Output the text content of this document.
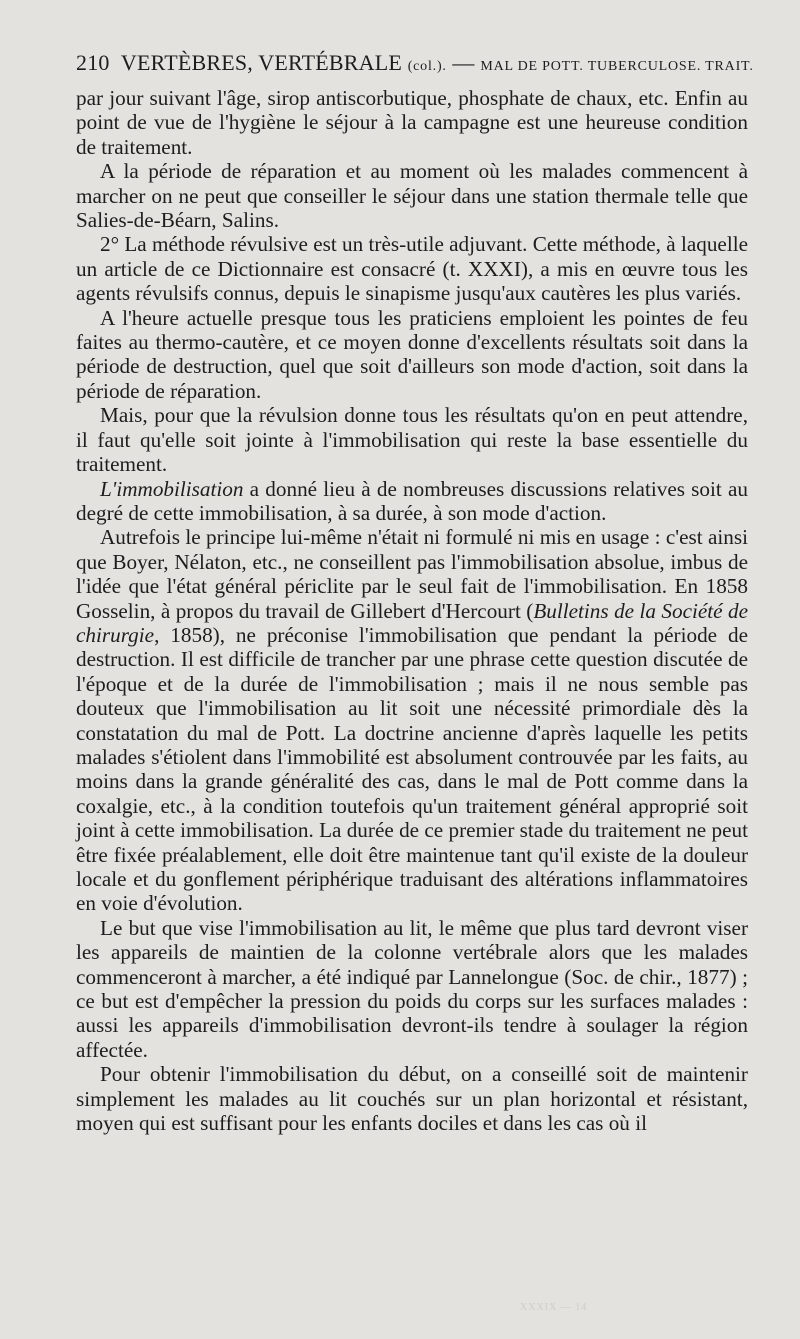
210 VERTÈBRES, VERTÉBRALE (col.). — MAL DE POTT. TUBERCULOSE. TRAIT.

par jour suivant l'âge, sirop antiscorbutique, phosphate de chaux, etc. Enfin au point de vue de l'hygiène le séjour à la campagne est une heureuse condition de traitement.

A la période de réparation et au moment où les malades commencent à marcher on ne peut que conseiller le séjour dans une station thermale telle que Salies-de-Béarn, Salins.

2° La méthode révulsive est un très-utile adjuvant. Cette méthode, à laquelle un article de ce Dictionnaire est consacré (t. XXXI), a mis en œuvre tous les agents révulsifs connus, depuis le sinapisme jusqu'aux cautères les plus variés.

A l'heure actuelle presque tous les praticiens emploient les pointes de feu faites au thermo-cautère, et ce moyen donne d'excellents résultats soit dans la période de destruction, quel que soit d'ailleurs son mode d'action, soit dans la période de réparation.

Mais, pour que la révulsion donne tous les résultats qu'on en peut attendre, il faut qu'elle soit jointe à l'immobilisation qui reste la base essentielle du traitement.

L'immobilisation a donné lieu à de nombreuses discussions relatives soit au degré de cette immobilisation, à sa durée, à son mode d'action.

Autrefois le principe lui-même n'était ni formulé ni mis en usage : c'est ainsi que Boyer, Nélaton, etc., ne conseillent pas l'immobilisation absolue, imbus de l'idée que l'état général périclite par le seul fait de l'immobilisation. En 1858 Gosselin, à propos du travail de Gillebert d'Hercourt (Bulletins de la Société de chirurgie, 1858), ne préconise l'immobilisation que pendant la période de destruction. Il est difficile de trancher par une phrase cette question discutée de l'époque et de la durée de l'immobilisation ; mais il ne nous semble pas douteux que l'immobilisation au lit soit une nécessité primordiale dès la constatation du mal de Pott. La doctrine ancienne d'après laquelle les petits malades s'étiolent dans l'immobilité est absolument controuvée par les faits, au moins dans la grande généralité des cas, dans le mal de Pott comme dans la coxalgie, etc., à la condition toutefois qu'un traitement général approprié soit joint à cette immobilisation. La durée de ce premier stade du traitement ne peut être fixée préalablement, elle doit être maintenue tant qu'il existe de la douleur locale et du gonflement périphérique traduisant des altérations inflammatoires en voie d'évolution.

Le but que vise l'immobilisation au lit, le même que plus tard devront viser les appareils de maintien de la colonne vertébrale alors que les malades commenceront à marcher, a été indiqué par Lannelongue (Soc. de chir., 1877) ; ce but est d'empêcher la pression du poids du corps sur les surfaces malades : aussi les appareils d'immobilisation devront-ils tendre à soulager la région affectée.

Pour obtenir l'immobilisation du début, on a conseillé soit de maintenir simplement les malades au lit couchés sur un plan horizontal et résistant, moyen qui est suffisant pour les enfants dociles et dans les cas où il

XXXIX — 14
